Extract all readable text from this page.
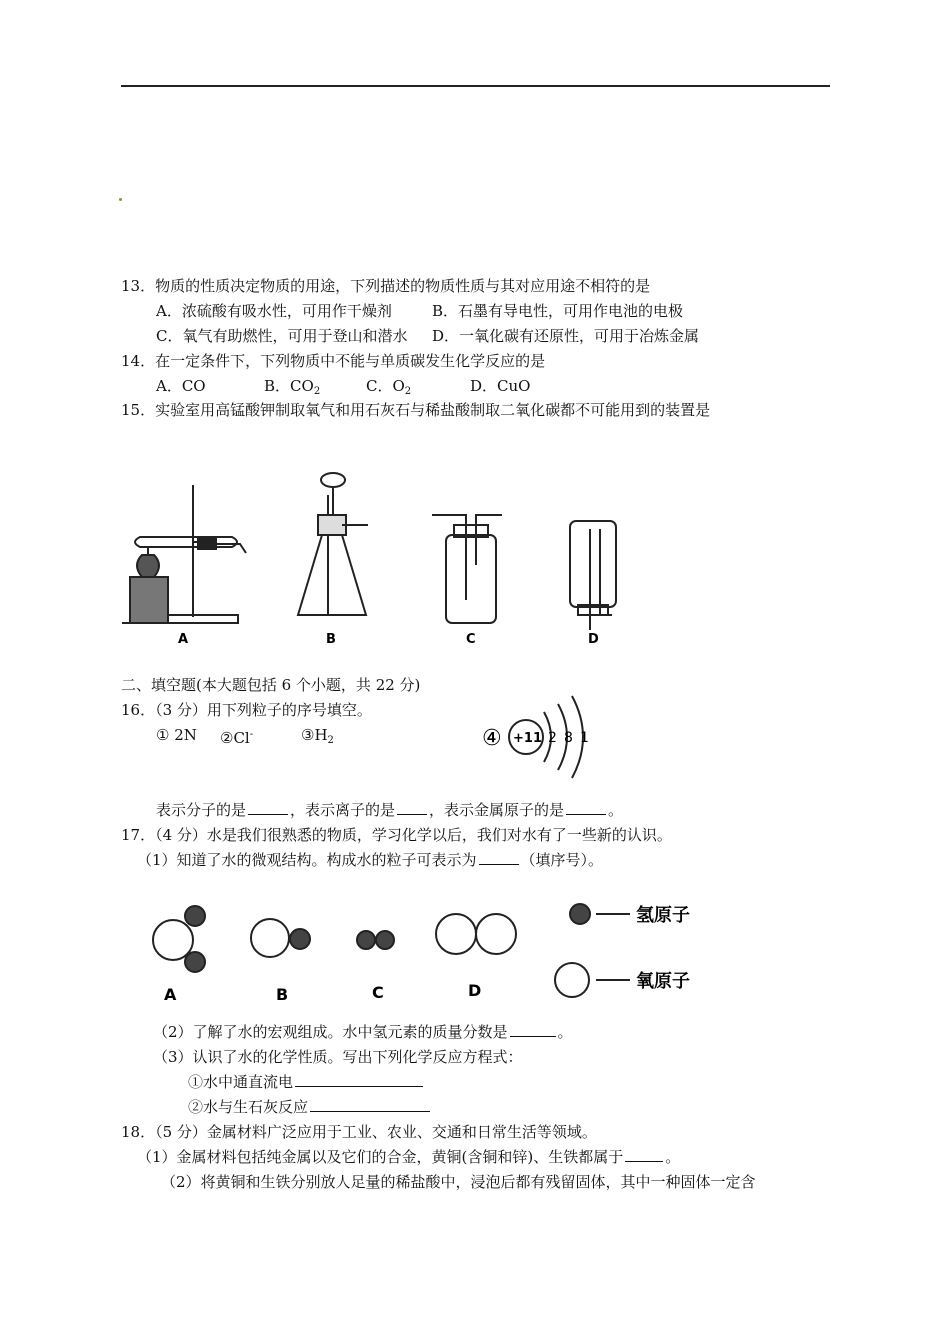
13．物质的性质决定物质的用途，下列描述的物质性质与其对应用途不相符的是
A．浓硫酸有吸水性，可用作干燥剂	B．石墨有导电性，可用作电池的电极
C．氧气有助燃性，可用于登山和潜水 D．一氧化碳有还原性，可用于冶炼金属
14．在一定条件下，下列物质中不能与单质碳发生化学反应的是
A．CO	B．$CO_2$	C．$O_2$	D．CuO
15．实验室用高锰酸钾制取氧气和用石灰石与稀盐酸制取二氧化碳都不可能用到的装置是
A	B	C	D
二、填空题(本大题包括 6 个小题，共 22 分)
16．（3 分）用下列粒子的序号填空。
① 2N ②Cl-	$③H_2$	④ +11 2 8 1
表示分子的是	，表示离子的是 ，表示金属原子的是	。
17．（4 分）水是我们很熟悉的物质，学习化学以后，我们对水有了一些新的认识。
（1）知道了水的微观结构。构成水的粒子可表示为	（填序号）。
氢原子
氧原子
A	B	C	D
（2）了解了水的宏观组成。水中氢元素的质量分数是	。
（3）认识了水的化学性质。写出下列化学反应方程式：
①水中通直流电
②水与生石灰反应
18．（5 分）金属材料广泛应用于工业、农业、交通和日常生活等领域。
（1）金属材料包括纯金属以及它们的合金，黄铜(含铜和锌)、生铁都属于	。
（2）将黄铜和生铁分别放人足量的稀盐酸中，浸泡后都有残留固体，其中一种固体一定含
